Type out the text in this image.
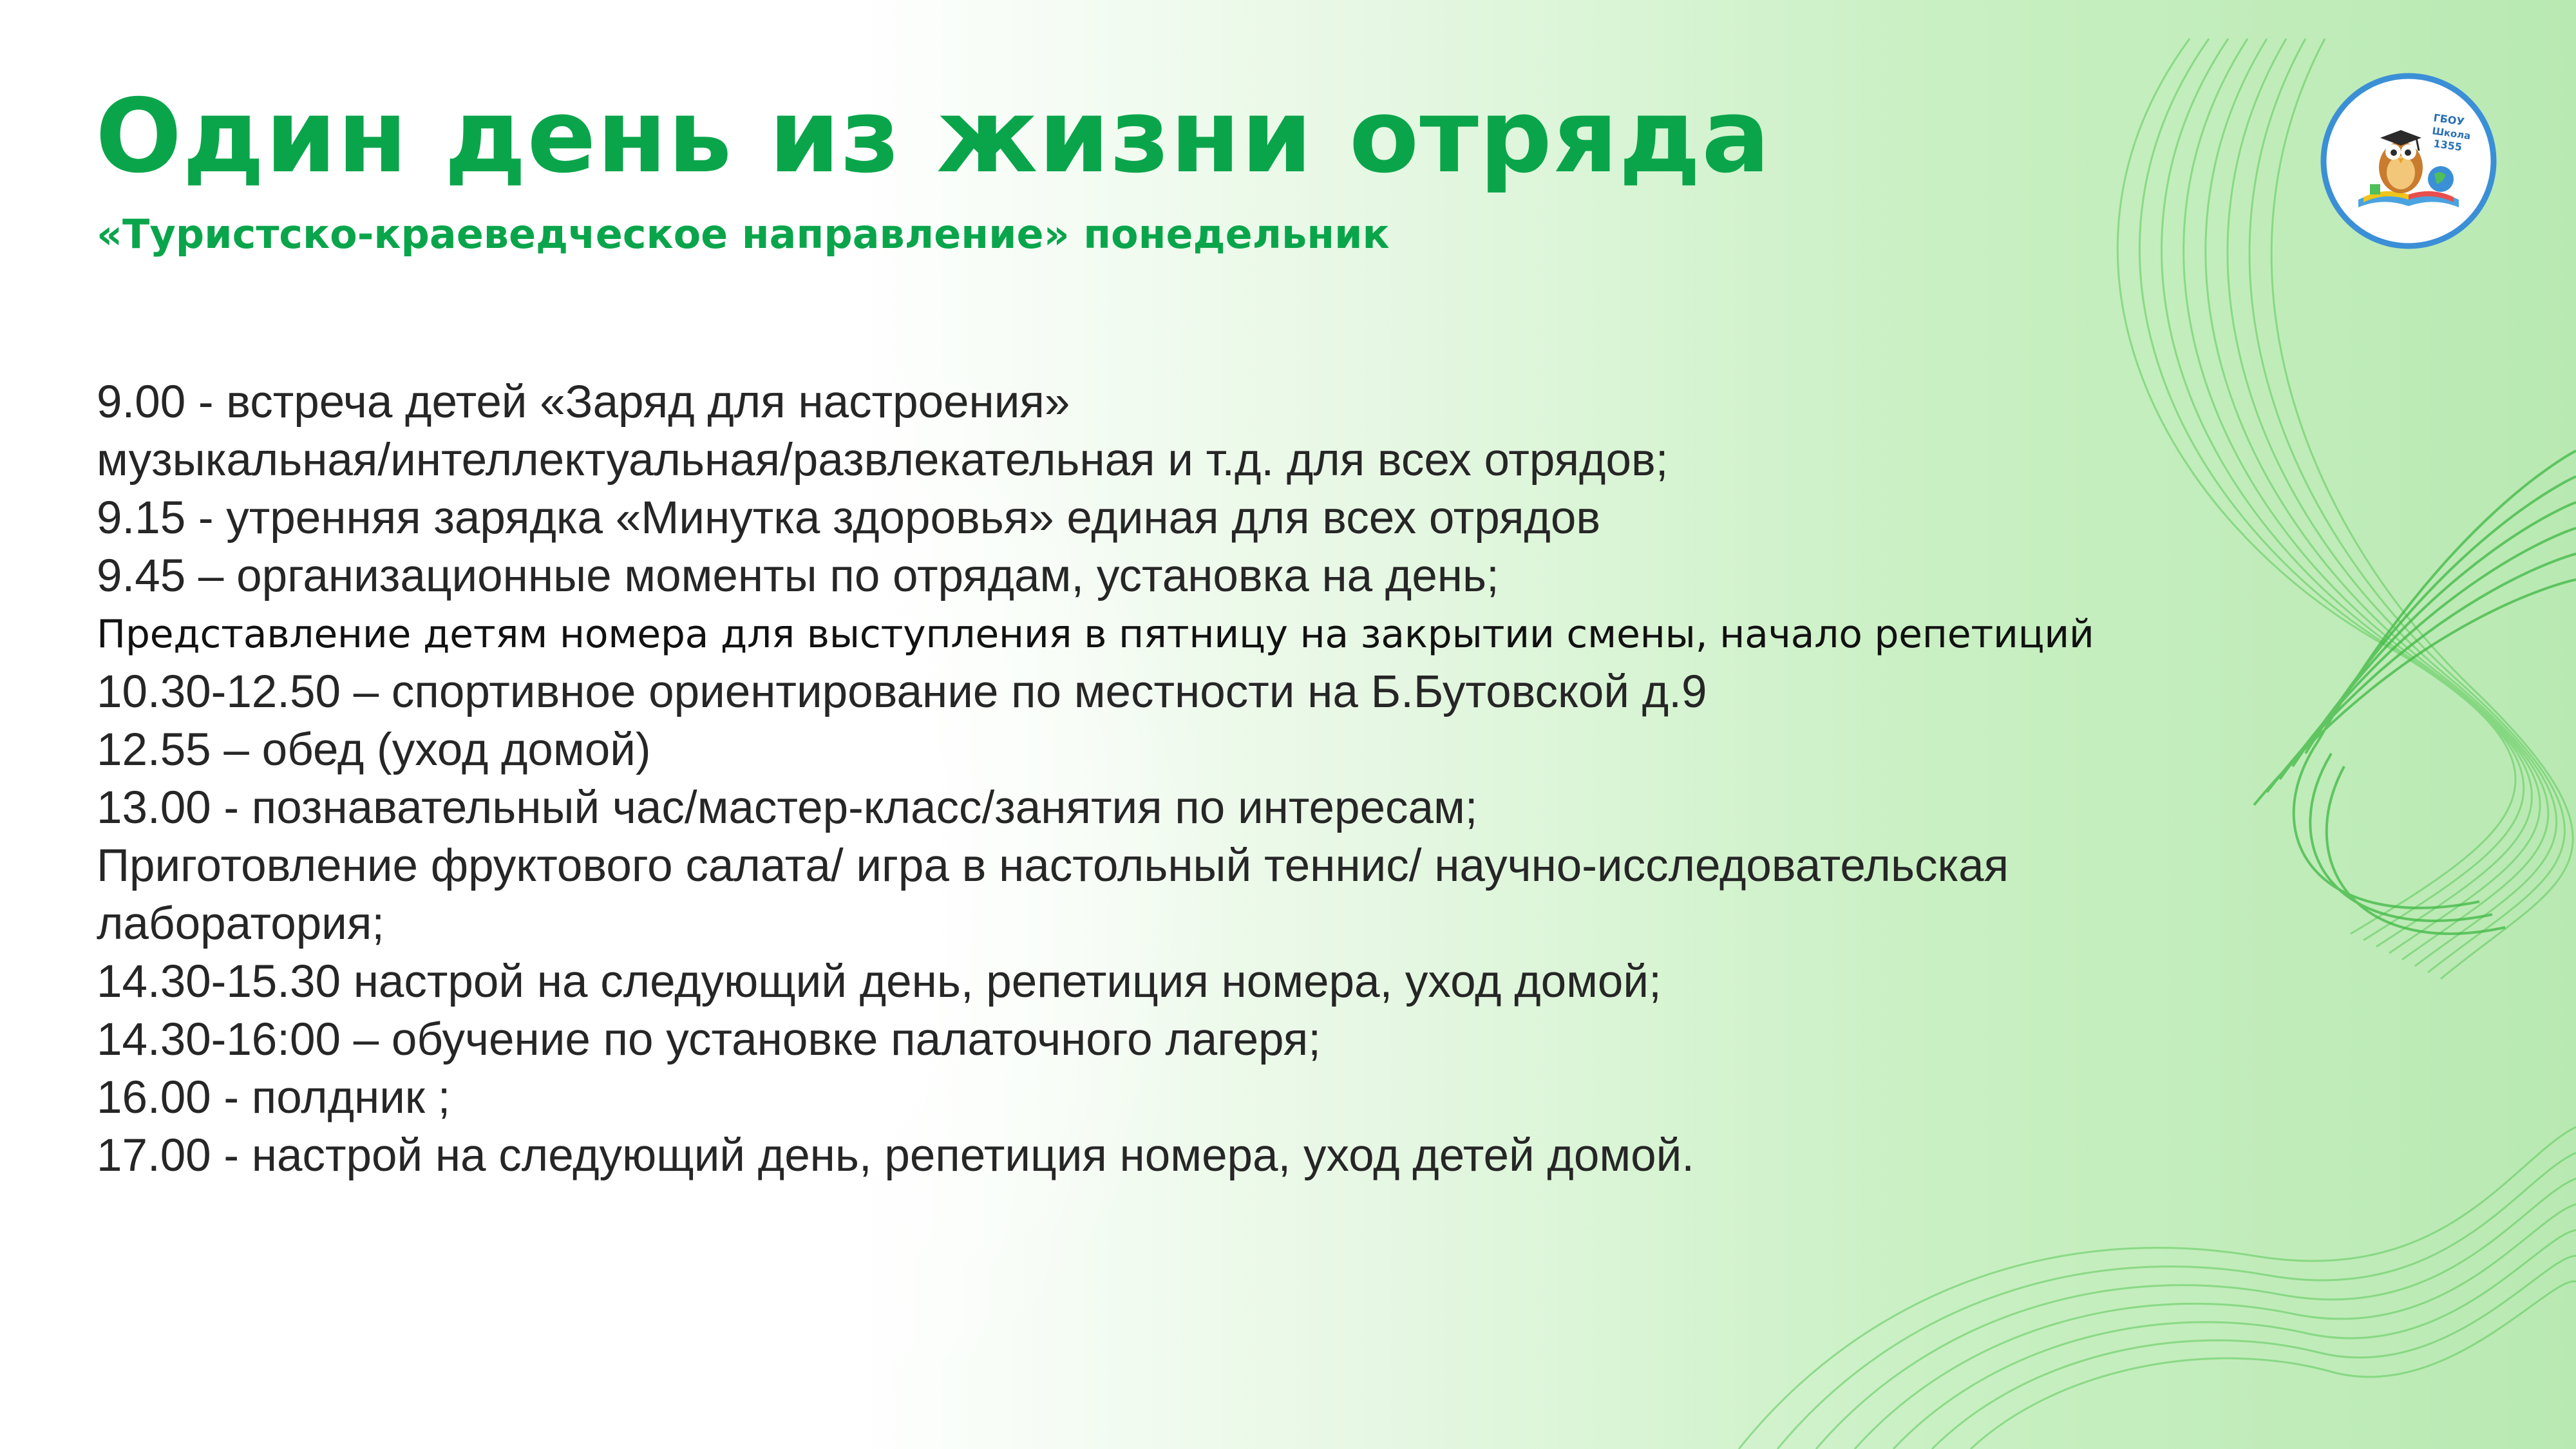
Один день из жизни отряда
«Туристско-краеведческое направление» понедельник
9.00 - встреча детей «Заряд для настроения»
музыкальная/интеллектуальная/развлекательная и т.д. для всех отрядов;
9.15 - утренняя зарядка «Минутка здоровья» единая для всех отрядов
9.45 – организационные моменты по отрядам, установка на день;
Представление детям номера для выступления в пятницу на закрытии смены, начало репетиций
10.30-12.50 – спортивное ориентирование по местности на Б.Бутовской д.9
12.55 – обед (уход домой)
13.00 - познавательный час/мастер-класс/занятия по интересам;
Приготовление фруктового салата/ игра в настольный теннис/ научно-исследовательская
лаборатория;
14.30-15.30 настрой на следующий день, репетиция номера, уход домой;
14.30-16:00 – обучение по установке палаточного лагеря;
16.00 - полдник ;
17.00 - настрой на следующий день, репетиция номера, уход детей домой.
ГБОУ
Школа
1355
